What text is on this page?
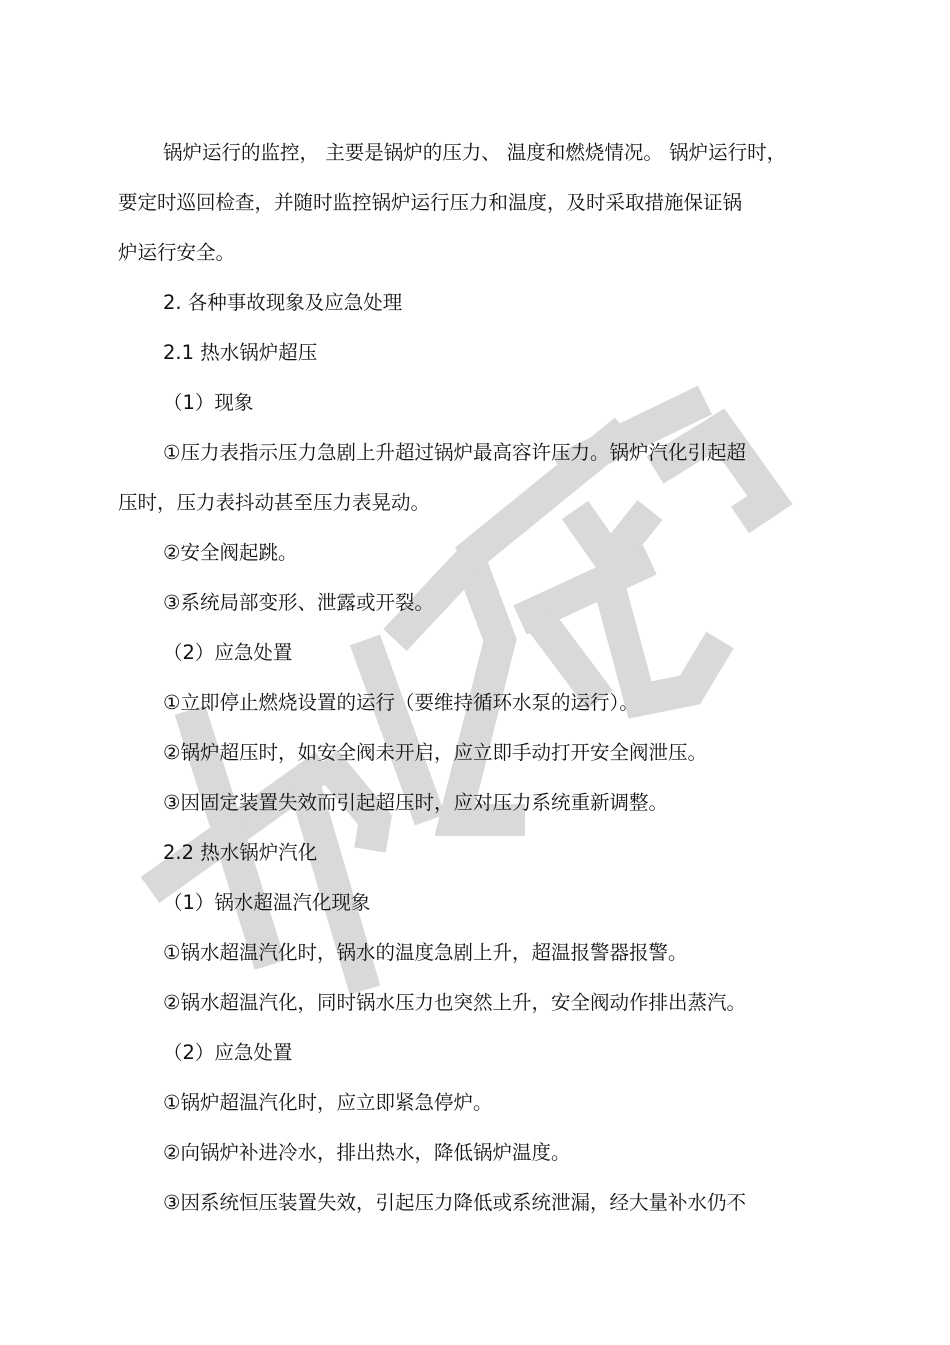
锅炉运行的监控， 主要是锅炉的压力、 温度和燃烧情况。 锅炉运行时，
要定时巡回检查，并随时监控锅炉运行压力和温度，及时采取措施保证锅
炉运行安全。
2. 各种事故现象及应急处理
2.1 热水锅炉超压
（1）现象
①压力表指示压力急剧上升超过锅炉最高容许压力。锅炉汽化引起超
压时，压力表抖动甚至压力表晃动。
②安全阀起跳。
③系统局部变形、泄露或开裂。
（2）应急处置
①立即停止燃烧设置的运行（要维持循环水泵的运行）。
②锅炉超压时，如安全阀未开启，应立即手动打开安全阀泄压。
③因固定装置失效而引起超压时，应对压力系统重新调整。
2.2 热水锅炉汽化
（1）锅水超温汽化现象
①锅水超温汽化时，锅水的温度急剧上升，超温报警器报警。
②锅水超温汽化，同时锅水压力也突然上升，安全阀动作排出蒸汽。
（2）应急处置
①锅炉超温汽化时，应立即紧急停炉。
②向锅炉补进冷水，排出热水，降低锅炉温度。
③因系统恒压装置失效，引起压力降低或系统泄漏，经大量补水仍不
